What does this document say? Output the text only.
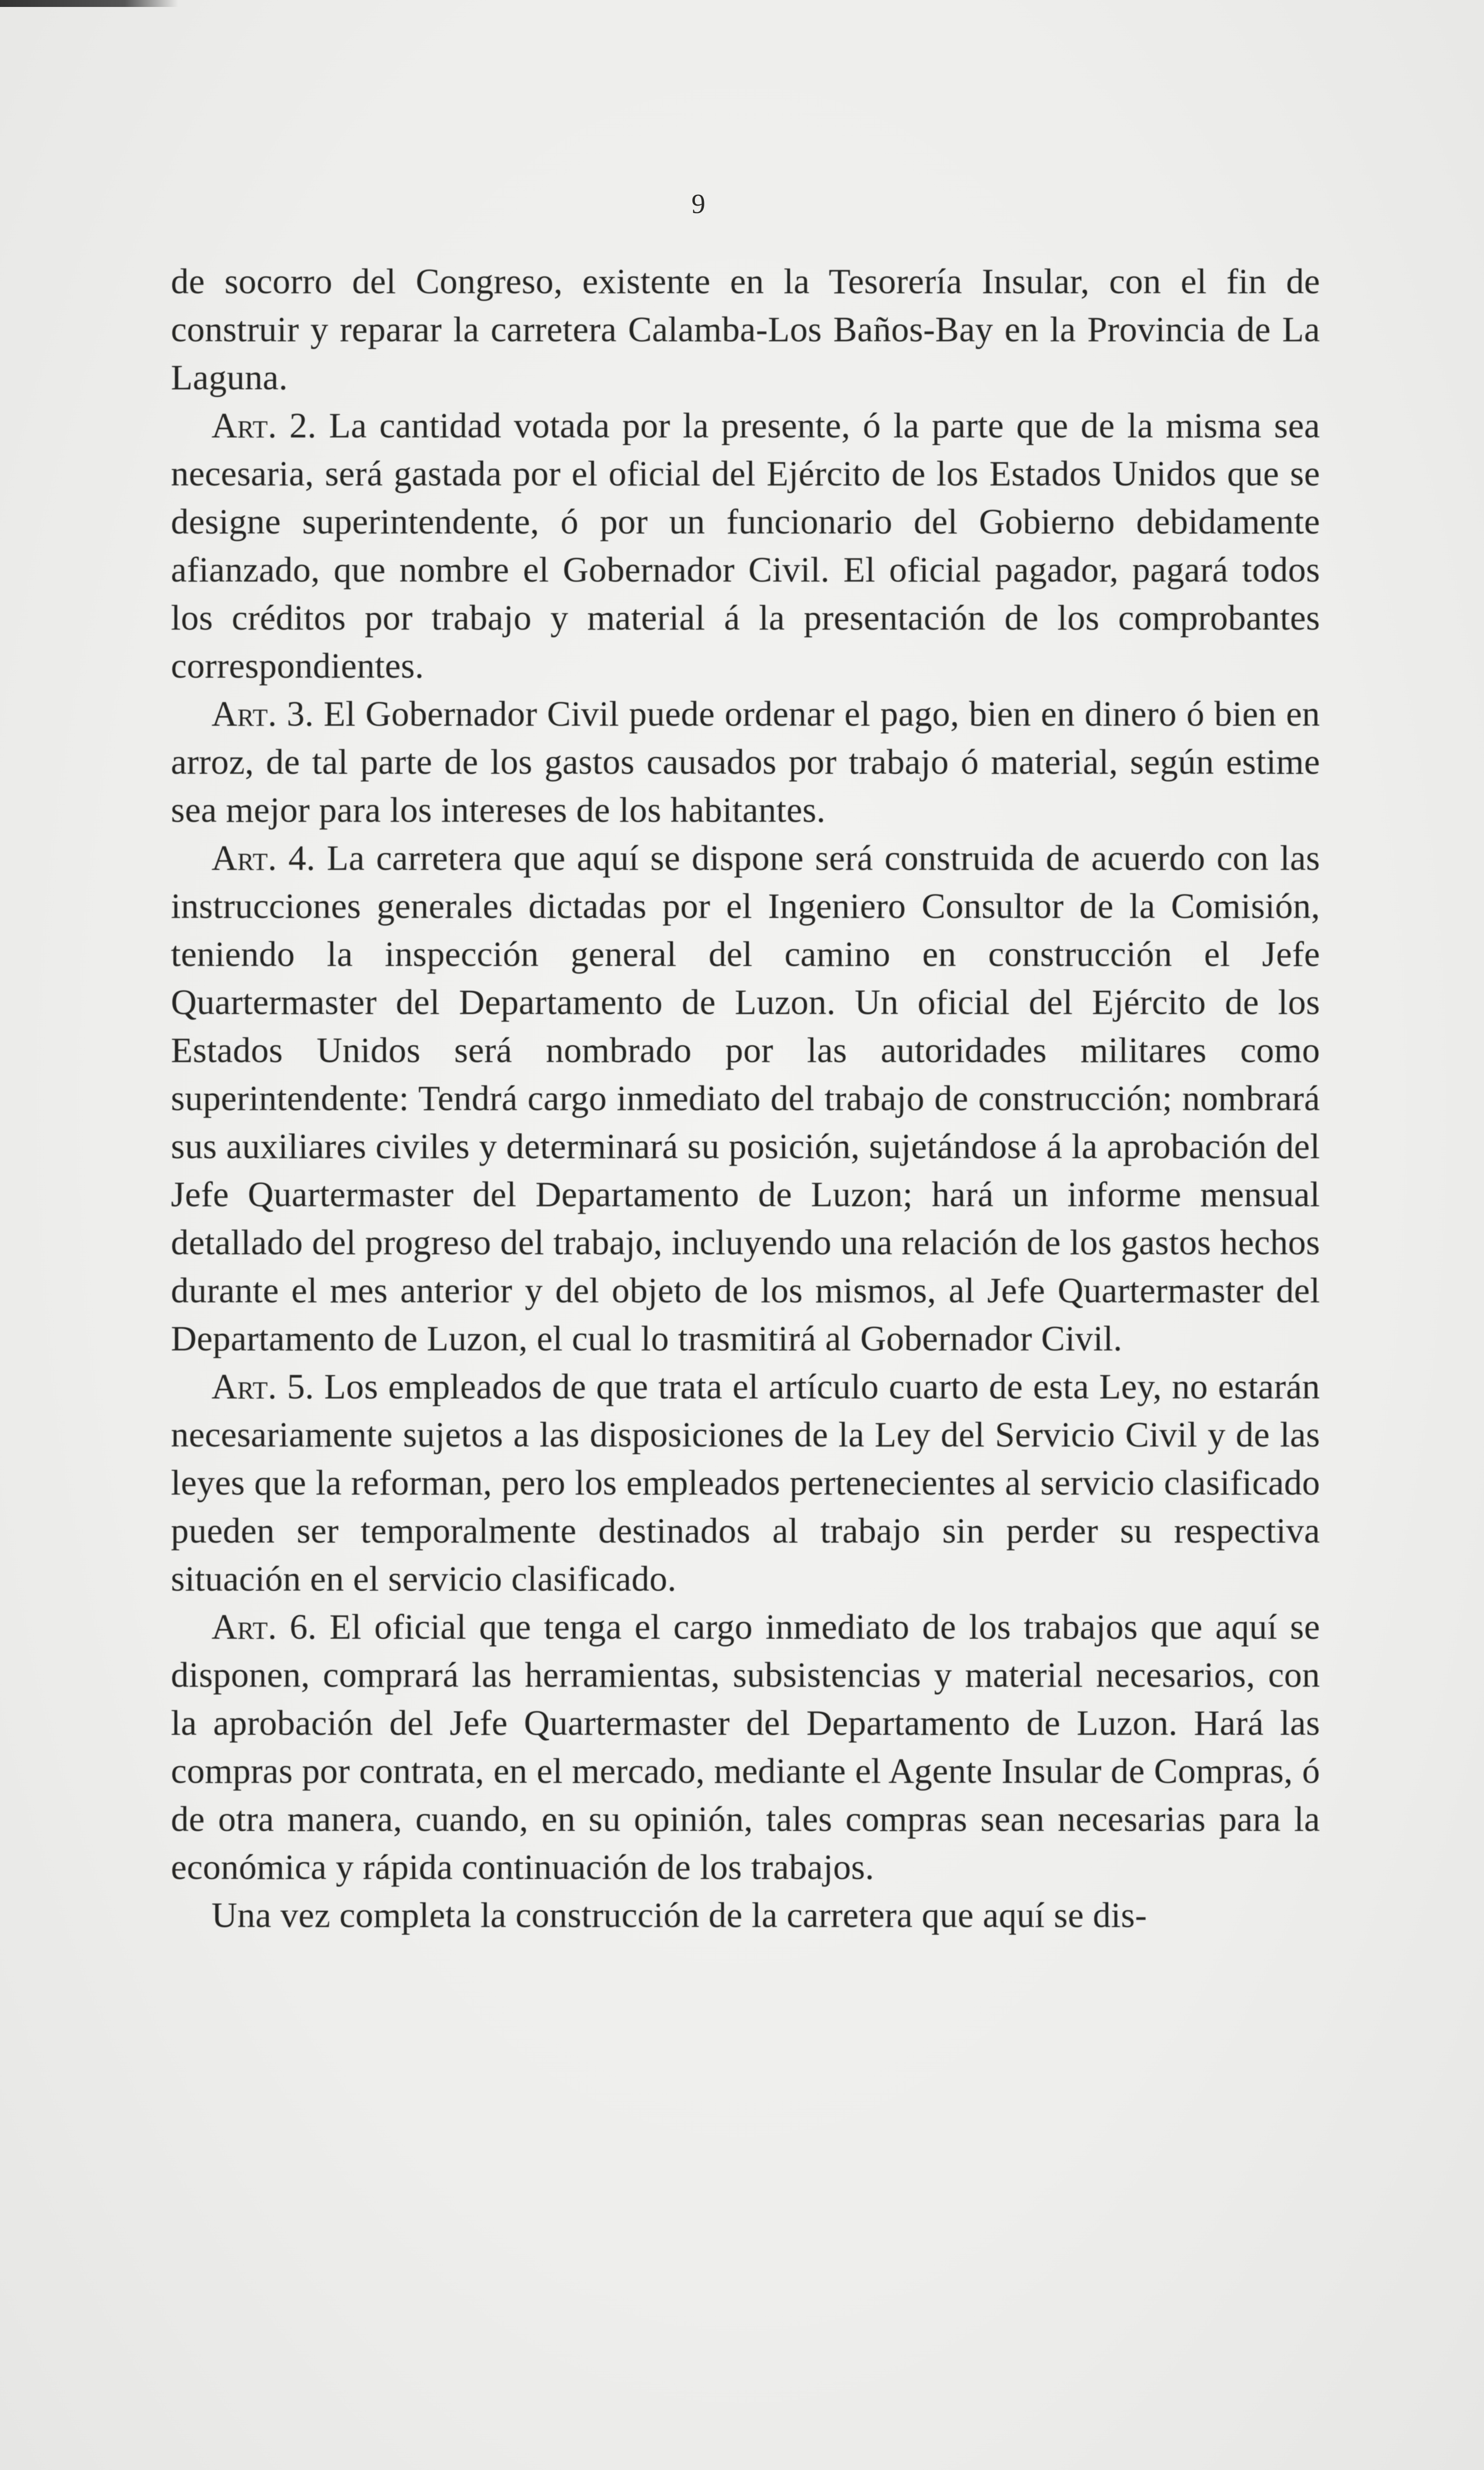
9

de socorro del Congreso, existente en la Tesorería Insular, con el fin de construir y reparar la carretera Calamba-Los Baños-Bay en la Provincia de La Laguna.

Art. 2. La cantidad votada por la presente, ó la parte que de la misma sea necesaria, será gastada por el oficial del Ejército de los Estados Unidos que se designe superintendente, ó por un funcionario del Gobierno debidamente afianzado, que nombre el Gobernador Civil. El oficial pagador, pagará todos los créditos por trabajo y material á la presentación de los comprobantes correspondientes.

Art. 3. El Gobernador Civil puede ordenar el pago, bien en dinero ó bien en arroz, de tal parte de los gastos causados por trabajo ó material, según estime sea mejor para los intereses de los habitantes.

Art. 4. La carretera que aquí se dispone será construida de acuerdo con las instrucciones generales dictadas por el Ingeniero Consultor de la Comisión, teniendo la inspección general del camino en construcción el Jefe Quartermaster del Departamento de Luzon. Un oficial del Ejército de los Estados Unidos será nombrado por las autoridades militares como superintendente: Tendrá cargo inmediato del trabajo de construcción; nombrará sus auxiliares civiles y determinará su posición, sujetándose á la aprobación del Jefe Quartermaster del Departamento de Luzon; hará un informe mensual detallado del progreso del trabajo, incluyendo una relación de los gastos hechos durante el mes anterior y del objeto de los mismos, al Jefe Quartermaster del Departamento de Luzon, el cual lo trasmitirá al Gobernador Civil.

Art. 5. Los empleados de que trata el artículo cuarto de esta Ley, no estarán necesariamente sujetos a las disposiciones de la Ley del Servicio Civil y de las leyes que la reforman, pero los empleados pertenecientes al servicio clasificado pueden ser temporalmente destinados al trabajo sin perder su respectiva situación en el servicio clasificado.

Art. 6. El oficial que tenga el cargo inmediato de los trabajos que aquí se disponen, comprará las herramientas, subsistencias y material necesarios, con la aprobación del Jefe Quartermaster del Departamento de Luzon. Hará las compras por contrata, en el mercado, mediante el Agente Insular de Compras, ó de otra manera, cuando, en su opinión, tales compras sean necesarias para la económica y rápida continuación de los trabajos.

Una vez completa la construcción de la carretera que aquí se dis-
